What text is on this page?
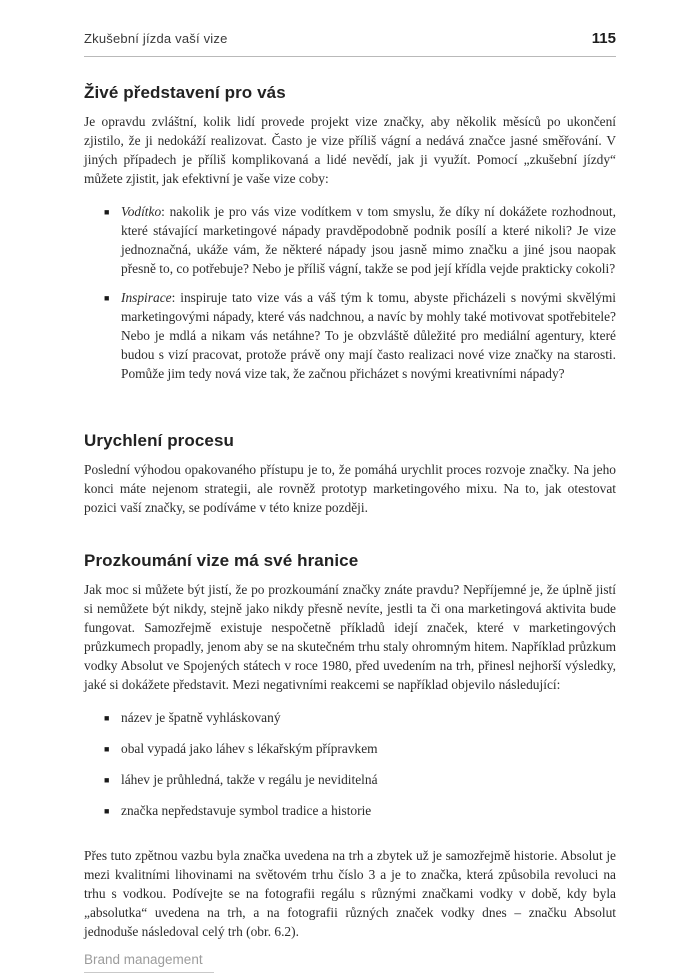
Zkušební jízda vaší vize	115
Živé představení pro vás

Je opravdu zvláštní, kolik lidí provede projekt vize značky, aby několik měsíců po ukončení zjistilo, že ji nedokáží realizovat. Často je vize příliš vágní a nedává značce jasné směřování. V jiných případech je příliš komplikovaná a lidé nevědí, jak ji využít. Pomocí „zkušební jízdy“ můžete zjistit, jak efektivní je vaše vize coby:

■ Vodítko: nakolik je pro vás vize vodítkem v tom smyslu, že díky ní dokážete rozhodnout, které stávající marketingové nápady pravděpodobně podnik posílí a které nikoli? Je vize jednoznačná, ukáže vám, že některé nápady jsou jasně mimo značku a jiné jsou naopak přesně to, co potřebuje? Nebo je příliš vágní, takže se pod její křídla vejde prakticky cokoli?
■ Inspirace: inspiruje tato vize vás a váš tým k tomu, abyste přicházeli s novými skvělými marketingovými nápady, které vás nadchnou, a navíc by mohly také motivovat spotřebitele? Nebo je mdlá a nikam vás netáhne? To je obzvláště důležité pro mediální agentury, které budou s vizí pracovat, protože právě ony mají často realizaci nové vize značky na starosti. Pomůže jim tedy nová vize tak, že začnou přicházet s novými kreativními nápady?
Urychlení procesu

Poslední výhodou opakovaného přístupu je to, že pomáhá urychlit proces rozvoje značky. Na jeho konci máte nejenom strategii, ale rovněž prototyp marketingového mixu. Na to, jak otestovat pozici vaší značky, se podíváme v této knize později.

Prozkoumání vize má své hranice

Jak moc si můžete být jistí, že po prozkoumání značky znáte pravdu? Nepříjemné je, že úplně jistí si nemůžete být nikdy, stejně jako nikdy přesně nevíte, jestli ta či ona marketingová aktivita bude fungovat. Samozřejmě existuje nespočetně příkladů idejí značek, které v marketingových průzkumech propadly, jenom aby se na skutečném trhu staly ohromným hitem. Například průzkum vodky Absolut ve Spojených státech v roce 1980, před uvedením na trh, přinesl nejhorší výsledky, jaké si dokážete představit. Mezi negativními reakcemi se například objevilo následující:

■ název je špatně vyhláskovaný
■ obal vypadá jako láhev s lékařským přípravkem
■ láhev je průhledná, takže v regálu je neviditelná
■ značka nepředstavuje symbol tradice a historie

Přes tuto zpětnou vazbu byla značka uvedena na trh a zbytek už je samozřejmě historie. Absolut je mezi kvalitními lihovinami na světovém trhu číslo 3 a je to značka, která způsobila revoluci na trhu s vodkou. Podívejte se na fotografii regálu s různými značkami vodky v době, kdy byla „absolutka“ uvedena na trh, a na fotografii různých značek vodky dnes – značku Absolut jednoduše následoval celý trh (obr. 6.2).

Brand management
